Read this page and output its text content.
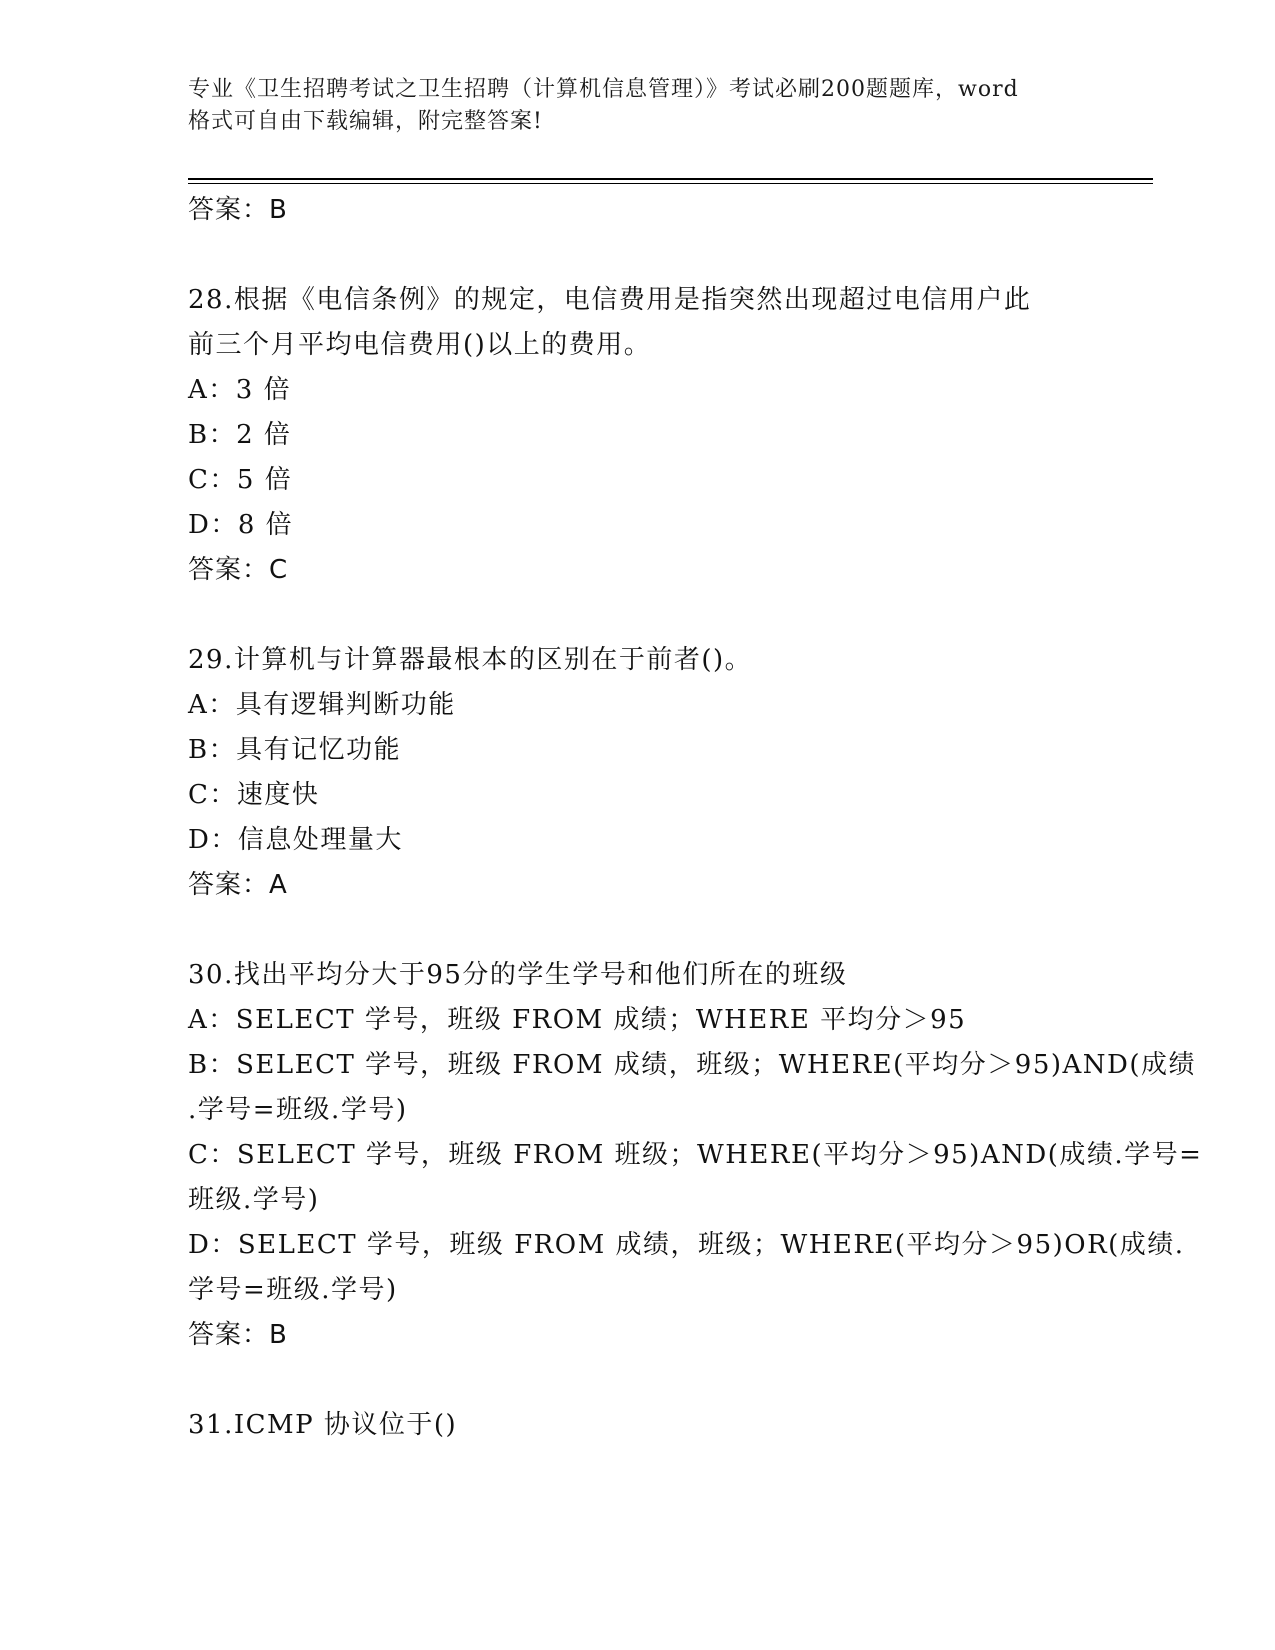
专业《卫生招聘考试之卫生招聘（计算机信息管理）》考试必刷200题题库，word
格式可自由下载编辑，附完整答案!
答案：B
28.根据《电信条例》的规定，电信费用是指突然出现超过电信用户此
前三个月平均电信费用()以上的费用。
A：3 倍
B：2 倍
C：5 倍
D：8 倍
答案：C
29.计算机与计算器最根本的区别在于前者()。
A：具有逻辑判断功能
B：具有记忆功能
C：速度快
D：信息处理量大
答案：A
30.找出平均分大于95分的学生学号和他们所在的班级
A：SELECT 学号，班级 FROM 成绩；WHERE 平均分＞95
B：SELECT 学号，班级 FROM 成绩，班级；WHERE(平均分＞95)AND(成绩
.学号=班级.学号)
C：SELECT 学号，班级 FROM 班级；WHERE(平均分＞95)AND(成绩.学号=
班级.学号)
D：SELECT 学号，班级 FROM 成绩，班级；WHERE(平均分＞95)OR(成绩.
学号=班级.学号)
答案：B
31.ICMP 协议位于()
